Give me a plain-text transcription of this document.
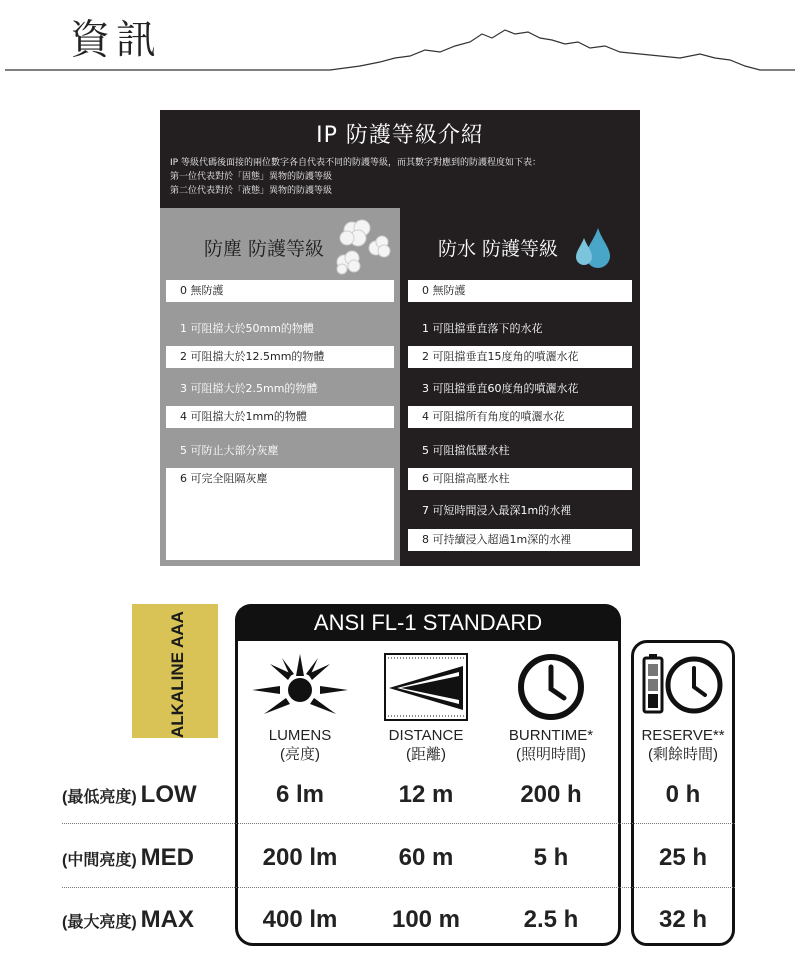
資訊
IP 防護等級介紹
IP 等級代碼後面接的兩位數字各自代表不同的防護等級，而其數字對應到的防護程度如下表：
第一位代表對於「固態」異物的防護等級
第二位代表對於「液態」異物的防護等級
防塵 防護等級
0 無防護
1 可阻擋大於50mm的物體
2 可阻擋大於12.5mm的物體
3 可阻擋大於2.5mm的物體
4 可阻擋大於1mm的物體
5 可防止大部分灰塵
6 可完全阻隔灰塵
防水 防護等級
0 無防護
1 可阻擋垂直落下的水花
2 可阻擋垂直15度角的噴灑水花
3 可阻擋垂直60度角的噴灑水花
4 可阻擋所有角度的噴灑水花
5 可阻擋低壓水柱
6 可阻擋高壓水柱
7 可短時間浸入最深1m的水裡
8 可持續浸入超過1m深的水裡
ALKALINE AAA	ANSI FL-1 STANDARD
LUMENS
(亮度)
DISTANCE
(距離)
BURNTIME*
(照明時間)
RESERVE**
(剩餘時間)
(最低亮度) LOW	6 lm	12 m	200 h	0 h
(中間亮度) MED	200 lm	60 m	5 h	25 h
(最大亮度) MAX	400 lm	100 m	2.5 h	32 h
